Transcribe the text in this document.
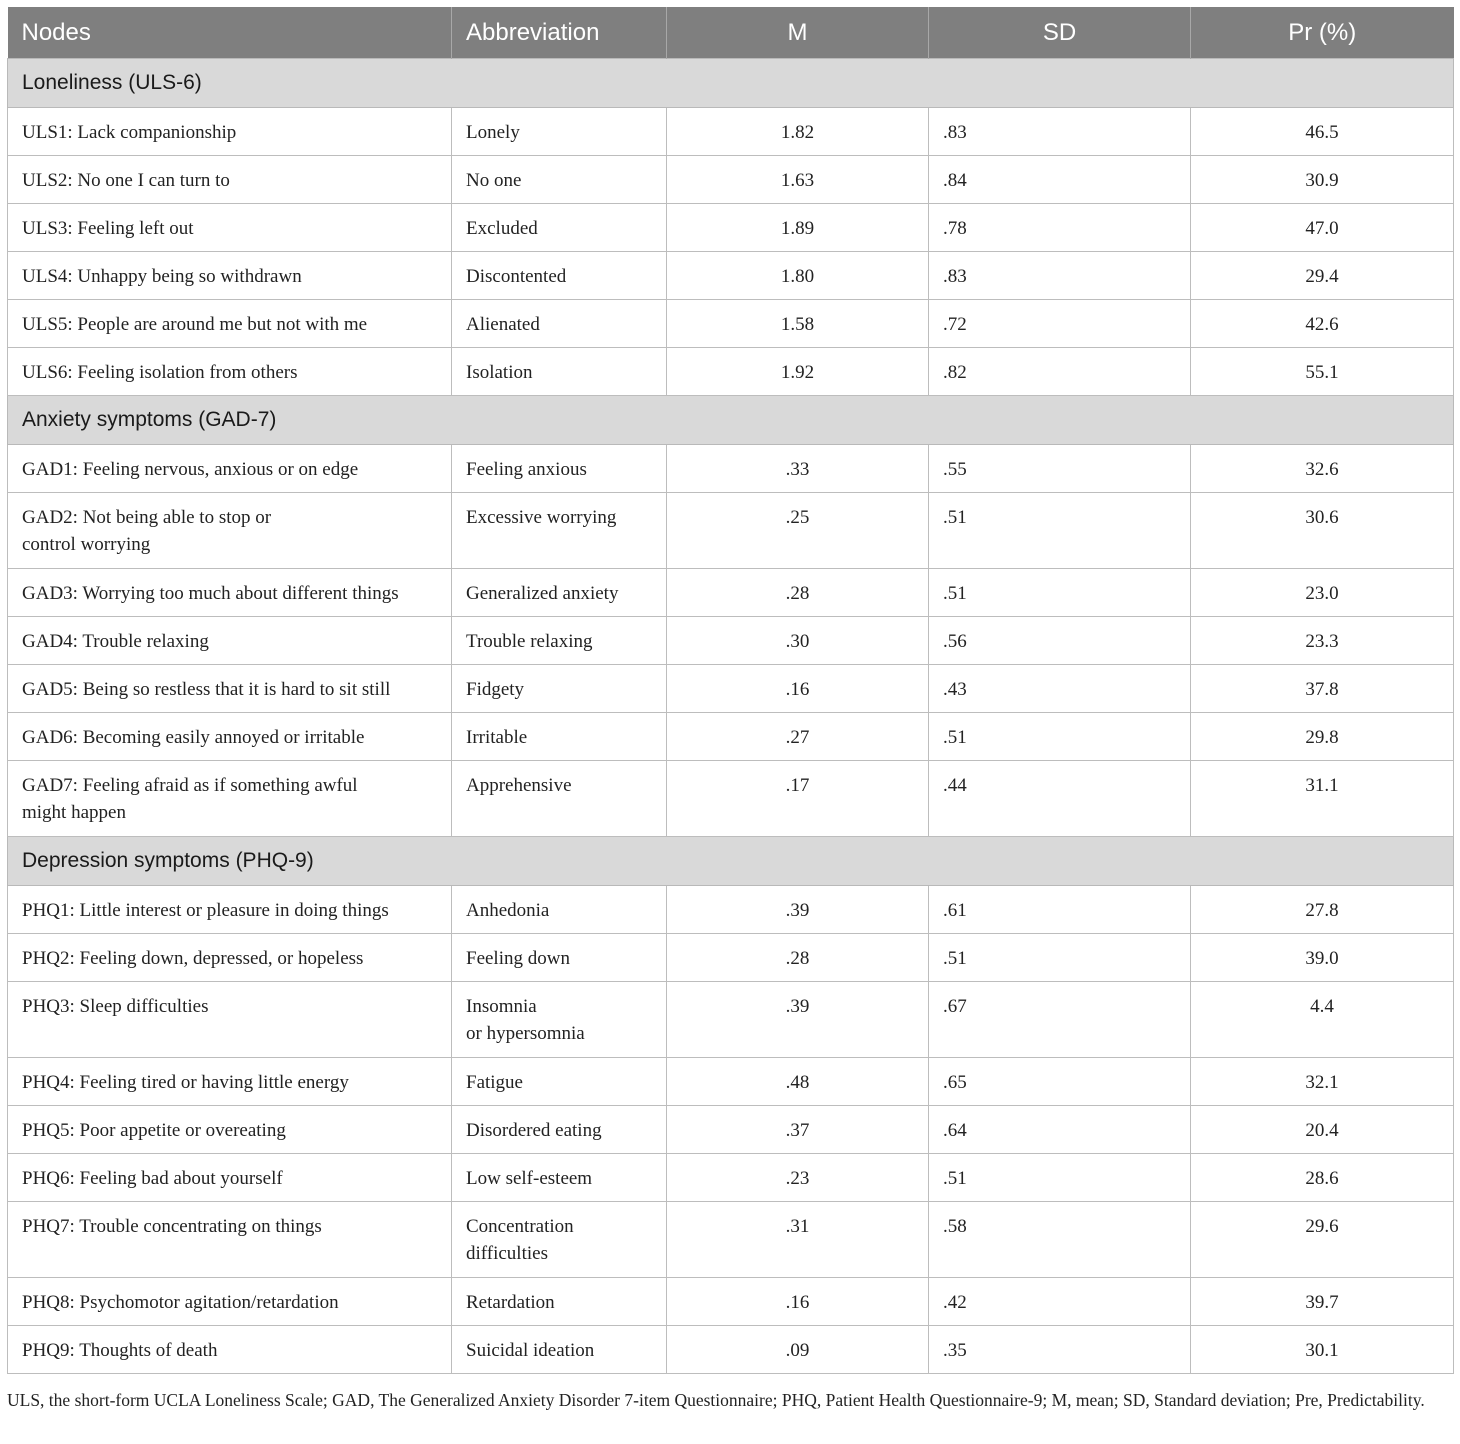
Nodes	Abbreviation	M	SD	Pr (%)
Loneliness (ULS-6)				
ULS1: Lack companionship	Lonely	1.82	.83	46.5
ULS2: No one I can turn to	No one	1.63	.84	30.9
ULS3: Feeling left out	Excluded	1.89	.78	47.0
ULS4: Unhappy being so withdrawn	Discontented	1.80	.83	29.4
ULS5: People are around me but not with me	Alienated	1.58	.72	42.6
ULS6: Feeling isolation from others	Isolation	1.92	.82	55.1
Anxiety symptoms (GAD-7)				
GAD1: Feeling nervous, anxious or on edge	Feeling anxious	.33	.55	32.6
GAD2: Not being able to stop or
control worrying	Excessive worrying	.25	.51	30.6
GAD3: Worrying too much about different things	Generalized anxiety	.28	.51	23.0
GAD4: Trouble relaxing	Trouble relaxing	.30	.56	23.3
GAD5: Being so restless that it is hard to sit still	Fidgety	.16	.43	37.8
GAD6: Becoming easily annoyed or irritable	Irritable	.27	.51	29.8
GAD7: Feeling afraid as if something awful
might happen	Apprehensive	.17	.44	31.1
Depression symptoms (PHQ-9)				
PHQ1: Little interest or pleasure in doing things	Anhedonia	.39	.61	27.8
PHQ2: Feeling down, depressed, or hopeless	Feeling down	.28	.51	39.0
PHQ3: Sleep difficulties	Insomnia
or hypersomnia	.39	.67	4.4
PHQ4: Feeling tired or having little energy	Fatigue	.48	.65	32.1
PHQ5: Poor appetite or overeating	Disordered eating	.37	.64	20.4
PHQ6: Feeling bad about yourself	Low self-esteem	.23	.51	28.6
PHQ7: Trouble concentrating on things	Concentration
difficulties	.31	.58	29.6
PHQ8: Psychomotor agitation/retardation	Retardation	.16	.42	39.7
PHQ9: Thoughts of death	Suicidal ideation	.09	.35	30.1
ULS, the short-form UCLA Loneliness Scale; GAD, The Generalized Anxiety Disorder 7-item Questionnaire; PHQ, Patient Health Questionnaire-9; M, mean; SD, Standard deviation; Pre, Predictability.
